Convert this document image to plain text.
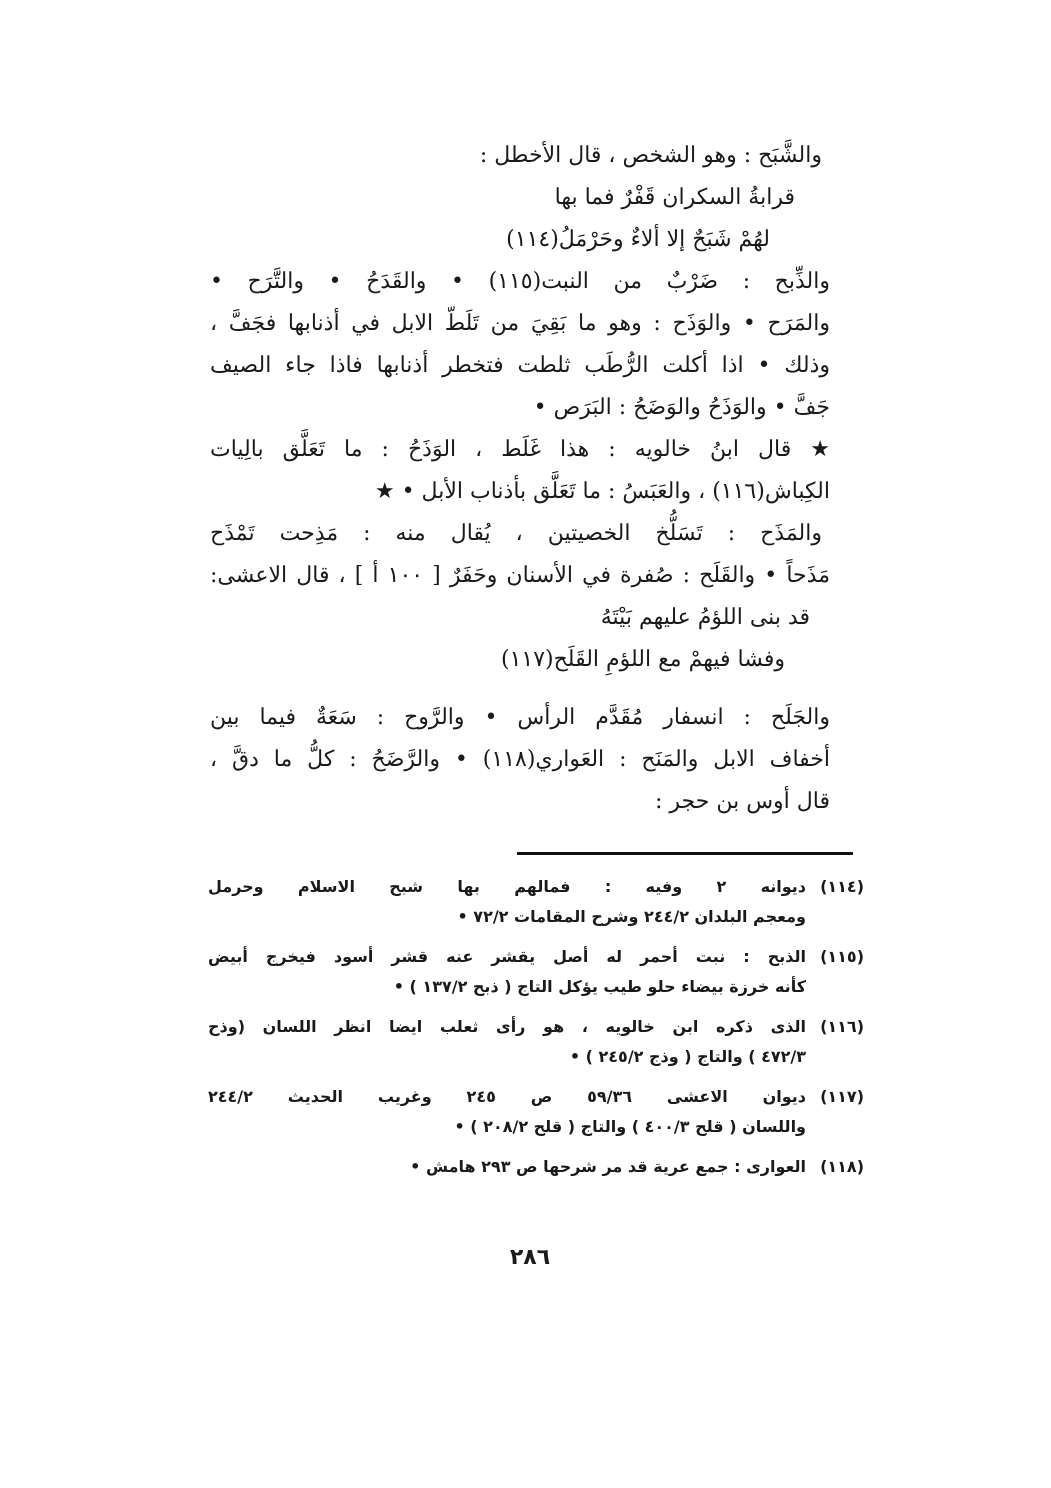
والشَّبَح : وهو الشخص ، قال الأخطل :
قرابةُ السكران قَفْرٌ فما بها
لهُمْ شَبَحٌ إلا ألاءٌ وحَرْمَلُ(١١٤)
والذِّبح : ضَرْبٌ من النبت(١١٥) • والقَدَحُ • والتَّرَح •
والمَرَح • والوَذَح : وهو ما بَقِيَ من تَلَطّ الابل في أذنابها فجَفَّ ،
وذلك • اذا أكلت الرُّطَب ثلطت فتخطر أذنابها فاذا جاء الصيف
جَفَّ • والوَذَحُ والوَضَحُ : البَرَص •
★ قال ابنُ خالويه : هذا غَلَط ، الوَذَحُ : ما تَعَلَّق بالِيات
الكِباش(١١٦) ، والعَبَسُ : ما تَعَلَّق بأذناب الأبل • ★
والمَذَح : تَسَلُّخ الخصيتين ، يُقال منه : مَذِحت تَمْذَح
مَذَحاً • والقَلَح : صُفرة في الأسنان وحَفَرٌ [ ١٠٠ أ ] ، قال الاعشى:
قد بنى اللؤمُ عليهم بَيْتَهُ
وفشا فيهمْ مع اللؤمِ القَلَح(١١٧)
والجَلَح : انسفار مُقَدَّم الرأس • والرَّوح : سَعَةٌ فيما بين
أخفاف الابل والمَنَح : العَواري(١١٨) • والرَّضَحُ : كلُّ ما دقَّ ،
قال أوس بن حجر :
(١١٤)
ديوانه ٢ وفيه : فمالهم بها شبح الاسلام وحرمل
ومعجم البلدان ٢٤٤/٢ وشرح المقامات ٧٢/٢ •
(١١٥)
الذبح : نبت أحمر له أصل يقشر عنه قشر أسود فيخرج أبيض
كأنه خرزة بيضاء حلو طيب يؤكل التاج ( ذبح ١٣٧/٢ ) •
(١١٦)
الذى ذكره ابن خالويه ، هو رأى ثعلب ايضا انظر اللسان (وذح
٤٧٢/٣ ) والتاج ( وذج ٢٤٥/٢ ) •
(١١٧)
ديوان الاعشى ٥٩/٣٦ ص ٢٤٥ وغريب الحديث ٢٤٤/٢
واللسان ( قلح ٤٠٠/٣ ) والتاج ( قلح ٢٠٨/٢ ) •
(١١٨)
العوارى : جمع عرية قد مر شرحها ص ٢٩٣ هامش •
٢٨٦
